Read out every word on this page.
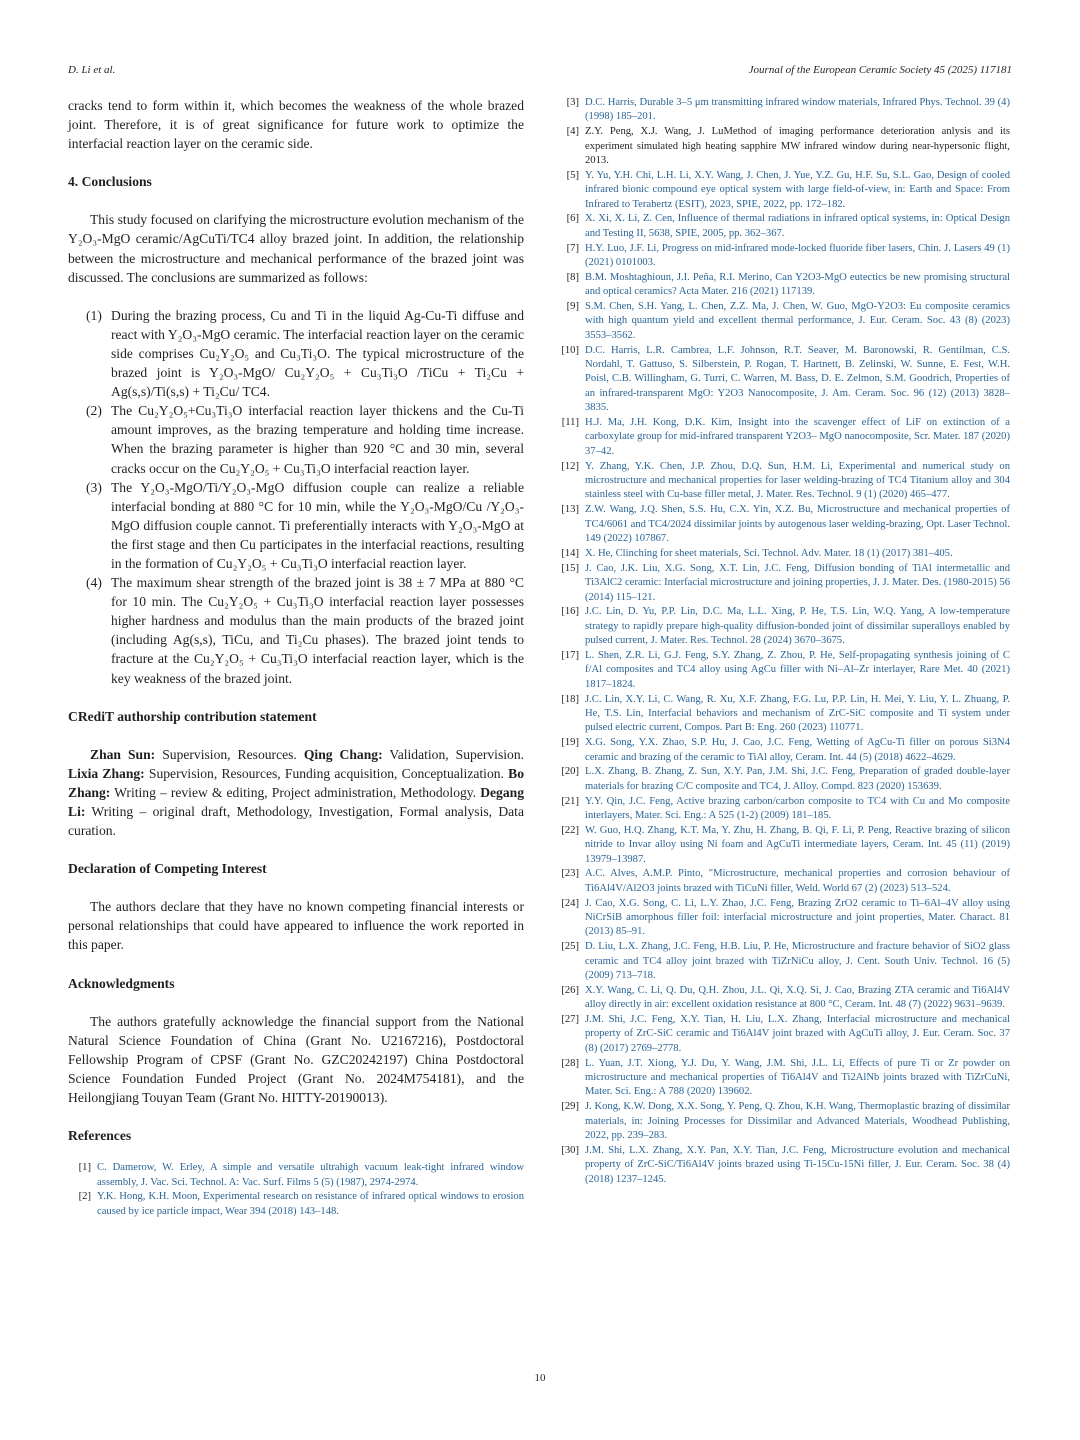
D. Li et al.	Journal of the European Ceramic Society 45 (2025) 117181

cracks tend to form within it, which becomes the weakness of the whole brazed joint. Therefore, it is of great significance for future work to optimize the interfacial reaction layer on the ceramic side.

4. Conclusions

This study focused on clarifying the microstructure evolution mechanism of the Y₂O₃-MgO ceramic/AgCuTi/TC4 alloy brazed joint. In addition, the relationship between the microstructure and mechanical performance of the brazed joint was discussed. The conclusions are summarized as follows:

(1) During the brazing process, Cu and Ti in the liquid Ag-Cu-Ti diffuse and react with Y₂O₃-MgO ceramic. The interfacial reaction layer on the ceramic side comprises Cu₂Y₂O₅ and Cu₃Ti₃O. The typical microstructure of the brazed joint is Y₂O₃-MgO/ Cu₂Y₂O₅ + Cu₃Ti₃O /TiCu + Ti₂Cu + Ag(s,s)/Ti(s,s) + Ti₂Cu/ TC4.
(2) The Cu₂Y₂O₅+Cu₃Ti₃O interfacial reaction layer thickens and the Cu-Ti amount improves, as the brazing temperature and holding time increase. When the brazing parameter is higher than 920 °C and 30 min, several cracks occur on the Cu₂Y₂O₅ + Cu₃Ti₃O interfacial reaction layer.
(3) The Y₂O₃-MgO/Ti/Y₂O₃-MgO diffusion couple can realize a reliable interfacial bonding at 880 °C for 10 min, while the Y₂O₃-MgO/Cu /Y₂O₃-MgO diffusion couple cannot. Ti preferentially interacts with Y₂O₃-MgO at the first stage and then Cu participates in the interfacial reactions, resulting in the formation of Cu₂Y₂O₅ + Cu₃Ti₃O interfacial reaction layer.
(4) The maximum shear strength of the brazed joint is 38 ± 7 MPa at 880 °C for 10 min. The Cu₂Y₂O₅ + Cu₃Ti₃O interfacial reaction layer possesses higher hardness and modulus than the main products of the brazed joint (including Ag(s,s), TiCu, and Ti₂Cu phases). The brazed joint tends to fracture at the Cu₂Y₂O₅ + Cu₃Ti₃O interfacial reaction layer, which is the key weakness of the brazed joint.

CRediT authorship contribution statement

Zhan Sun: Supervision, Resources. Qing Chang: Validation, Supervision. Lixia Zhang: Supervision, Resources, Funding acquisition, Conceptualization. Bo Zhang: Writing – review & editing, Project administration, Methodology. Degang Li: Writing – original draft, Methodology, Investigation, Formal analysis, Data curation.

Declaration of Competing Interest

The authors declare that they have no known competing financial interests or personal relationships that could have appeared to influence the work reported in this paper.

Acknowledgments

The authors gratefully acknowledge the financial support from the National Natural Science Foundation of China (Grant No. U2167216), Postdoctoral Fellowship Program of CPSF (Grant No. GZC20242197) China Postdoctoral Science Foundation Funded Project (Grant No. 2024M754181), and the Heilongjiang Touyan Team (Grant No. HITTY-20190013).

References

[1] C. Damerow, W. Erley, A simple and versatile ultrahigh vacuum leak-tight infrared window assembly, J. Vac. Sci. Technol. A: Vac. Surf. Films 5 (5) (1987), 2974-2974.
[2] Y.K. Hong, K.H. Moon, Experimental research on resistance of infrared optical windows to erosion caused by ice particle impact, Wear 394 (2018) 143–148.
[3] D.C. Harris, Durable 3–5 μm transmitting infrared window materials, Infrared Phys. Technol. 39 (4) (1998) 185–201.
[4] Z.Y. Peng, X.J. Wang, J. LuMethod of imaging performance deterioration anlysis and its experiment simulated high heating sapphire MW infrared window during near-hypersonic flight, 2013.
[5] Y. Yu, Y.H. Chi, L.H. Li, X.Y. Wang, J. Chen, J. Yue, Y.Z. Gu, H.F. Su, S.L. Gao, Design of cooled infrared bionic compound eye optical system with large field-of-view, in: Earth and Space: From Infrared to Terahertz (ESIT), 2023, SPIE, 2022, pp. 172–182.
[6] X. Xi, X. Li, Z. Cen, Influence of thermal radiations in infrared optical systems, in: Optical Design and Testing II, 5638, SPIE, 2005, pp. 362–367.
[7] H.Y. Luo, J.F. Li, Progress on mid-infrared mode-locked fluoride fiber lasers, Chin. J. Lasers 49 (1) (2021) 0101003.
[8] B.M. Moshtaghioun, J.I. Peña, R.I. Merino, Can Y2O3-MgO eutectics be new promising structural and optical ceramics? Acta Mater. 216 (2021) 117139.
[9] S.M. Chen, S.H. Yang, L. Chen, Z.Z. Ma, J. Chen, W. Guo, MgO-Y2O3: Eu composite ceramics with high quantum yield and excellent thermal performance, J. Eur. Ceram. Soc. 43 (8) (2023) 3553–3562.
[10] D.C. Harris, L.R. Cambrea, L.F. Johnson, R.T. Seaver, M. Baronowski, R. Gentilman, C.S. Nordahl, T. Gattuso, S. Silberstein, P. Rogan, T. Hartnett, B. Zelinski, W. Sunne, E. Fest, W.H. Poisl, C.B. Willingham, G. Turri, C. Warren, M. Bass, D. E. Zelmon, S.M. Goodrich, Properties of an infrared-transparent MgO: Y2O3 Nanocomposite, J. Am. Ceram. Soc. 96 (12) (2013) 3828–3835.
[11] H.J. Ma, J.H. Kong, D.K. Kim, Insight into the scavenger effect of LiF on extinction of a carboxylate group for mid-infrared transparent Y2O3– MgO nanocomposite, Scr. Mater. 187 (2020) 37–42.
[12] Y. Zhang, Y.K. Chen, J.P. Zhou, D.Q. Sun, H.M. Li, Experimental and numerical study on microstructure and mechanical properties for laser welding-brazing of TC4 Titanium alloy and 304 stainless steel with Cu-base filler metal, J. Mater. Res. Technol. 9 (1) (2020) 465–477.
[13] Z.W. Wang, J.Q. Shen, S.S. Hu, C.X. Yin, X.Z. Bu, Microstructure and mechanical properties of TC4/6061 and TC4/2024 dissimilar joints by autogenous laser welding-brazing, Opt. Laser Technol. 149 (2022) 107867.
[14] X. He, Clinching for sheet materials, Sci. Technol. Adv. Mater. 18 (1) (2017) 381–405.
[15] J. Cao, J.K. Liu, X.G. Song, X.T. Lin, J.C. Feng, Diffusion bonding of TiAl intermetallic and Ti3AlC2 ceramic: Interfacial microstructure and joining properties, J. J. Mater. Des. (1980-2015) 56 (2014) 115–121.
[16] J.C. Lin, D. Yu, P.P. Lin, D.C. Ma, L.L. Xing, P. He, T.S. Lin, W.Q. Yang, A low-temperature strategy to rapidly prepare high-quality diffusion-bonded joint of dissimilar superalloys enabled by pulsed current, J. Mater. Res. Technol. 28 (2024) 3670–3675.
[17] L. Shen, Z.R. Li, G.J. Feng, S.Y. Zhang, Z. Zhou, P. He, Self-propagating synthesis joining of C f/Al composites and TC4 alloy using AgCu filler with Ni–Al–Zr interlayer, Rare Met. 40 (2021) 1817–1824.
[18] J.C. Lin, X.Y. Li, C. Wang, R. Xu, X.F. Zhang, F.G. Lu, P.P. Lin, H. Mei, Y. Liu, Y. L. Zhuang, P. He, T.S. Lin, Interfacial behaviors and mechanism of ZrC-SiC composite and Ti system under pulsed electric current, Compos. Part B: Eng. 260 (2023) 110771.
[19] X.G. Song, Y.X. Zhao, S.P. Hu, J. Cao, J.C. Feng, Wetting of AgCu-Ti filler on porous Si3N4 ceramic and brazing of the ceramic to TiAl alloy, Ceram. Int. 44 (5) (2018) 4622–4629.
[20] L.X. Zhang, B. Zhang, Z. Sun, X.Y. Pan, J.M. Shi, J.C. Feng, Preparation of graded double-layer materials for brazing C/C composite and TC4, J. Alloy. Compd. 823 (2020) 153639.
[21] Y.Y. Qin, J.C. Feng, Active brazing carbon/carbon composite to TC4 with Cu and Mo composite interlayers, Mater. Sci. Eng.: A 525 (1-2) (2009) 181–185.
[22] W. Guo, H.Q. Zhang, K.T. Ma, Y. Zhu, H. Zhang, B. Qi, F. Li, P. Peng, Reactive brazing of silicon nitride to Invar alloy using Ni foam and AgCuTi intermediate layers, Ceram. Int. 45 (11) (2019) 13979–13987.
[23] A.C. Alves, A.M.P. Pinto, "Microstructure, mechanical properties and corrosion behaviour of Ti6Al4V/Al2O3 joints brazed with TiCuNi filler, Weld. World 67 (2) (2023) 513–524.
[24] J. Cao, X.G. Song, C. Li, L.Y. Zhao, J.C. Feng, Brazing ZrO2 ceramic to Ti–6Al–4V alloy using NiCrSiB amorphous filler foil: interfacial microstructure and joint properties, Mater. Charact. 81 (2013) 85–91.
[25] D. Liu, L.X. Zhang, J.C. Feng, H.B. Liu, P. He, Microstructure and fracture behavior of SiO2 glass ceramic and TC4 alloy joint brazed with TiZrNiCu alloy, J. Cent. South Univ. Technol. 16 (5) (2009) 713–718.
[26] X.Y. Wang, C. Li, Q. Du, Q.H. Zhou, J.L. Qi, X.Q. Si, J. Cao, Brazing ZTA ceramic and Ti6Al4V alloy directly in air: excellent oxidation resistance at 800 °C, Ceram. Int. 48 (7) (2022) 9631–9639.
[27] J.M. Shi, J.C. Feng, X.Y. Tian, H. Liu, L.X. Zhang, Interfacial microstructure and mechanical property of ZrC-SiC ceramic and Ti6Al4V joint brazed with AgCuTi alloy, J. Eur. Ceram. Soc. 37 (8) (2017) 2769–2778.
[28] L. Yuan, J.T. Xiong, Y.J. Du, Y. Wang, J.M. Shi, J.L. Li, Effects of pure Ti or Zr powder on microstructure and mechanical properties of Ti6Al4V and Ti2AlNb joints brazed with TiZrCuNi, Mater. Sci. Eng.: A 788 (2020) 139602.
[29] J. Kong, K.W. Dong, X.X. Song, Y. Peng, Q. Zhou, K.H. Wang, Thermoplastic brazing of dissimilar materials, in: Joining Processes for Dissimilar and Advanced Materials, Woodhead Publishing, 2022, pp. 239–283.
[30] J.M. Shi, L.X. Zhang, X.Y. Pan, X.Y. Tian, J.C. Feng, Microstructure evolution and mechanical property of ZrC-SiC/Ti6Al4V joints brazed using Ti-15Cu-15Ni filler, J. Eur. Ceram. Soc. 38 (4) (2018) 1237–1245.
10
